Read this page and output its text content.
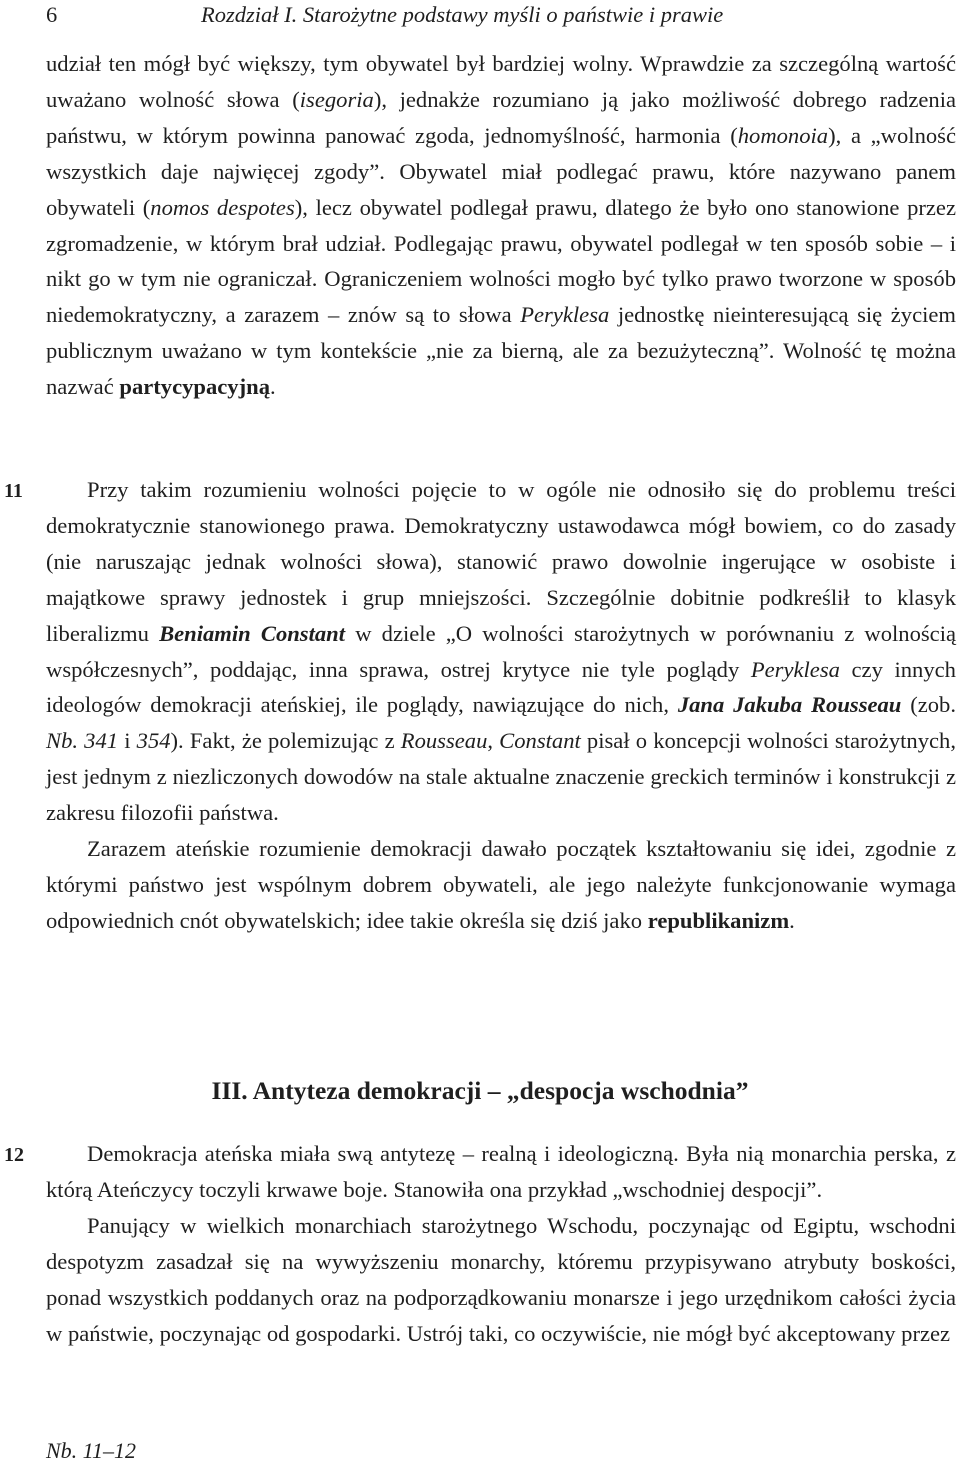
6	Rozdział I. Starożytne podstawy myśli o państwie i prawie

udział ten mógł być większy, tym obywatel był bardziej wolny. Wprawdzie za szczególną wartość uważano wolność słowa (isegoria), jednakże rozumiano ją jako możliwość dobrego radzenia państwu, w którym powinna panować zgoda, jednomyślność, harmonia (homonoia), a „wolność wszystkich daje najwięcej zgody”. Obywatel miał podlegać prawu, które nazywano panem obywateli (nomos despotes), lecz obywatel podlegał prawu, dlatego że było ono stanowione przez zgromadzenie, w którym brał udział. Podlegając prawu, obywatel podlegał w ten sposób sobie – i nikt go w tym nie ograniczał. Ograniczeniem wolności mogło być tylko prawo tworzone w sposób niedemokratyczny, a zarazem – znów są to słowa Peryklesa jednostkę nieinteresującą się życiem publicznym uważano w tym kontekście „nie za bierną, ale za bezużyteczną”. Wolność tę można nazwać partycypacyjną.

11	Przy takim rozumieniu wolności pojęcie to w ogóle nie odnosiło się do problemu treści demokratycznie stanowionego prawa. Demokratyczny ustawodawca mógł bowiem, co do zasady (nie naruszając jednak wolności słowa), stanowić prawo dowolnie ingerujące w osobiste i majątkowe sprawy jednostek i grup mniejszości. Szczególnie dobitnie podkreślił to klasyk liberalizmu Beniamin Constant w dziele „O wolności starożytnych w porównaniu z wolnością współczesnych”, poddając, inna sprawa, ostrej krytyce nie tyle poglądy Peryklesa czy innych ideologów demokracji ateńskiej, ile poglądy, nawiązujące do nich, Jana Jakuba Rousseau (zob. Nb. 341 i 354). Fakt, że polemizując z Rousseau, Constant pisał o koncepcji wolności starożytnych, jest jednym z niezliczonych dowodów na stale aktualne znaczenie greckich terminów i konstrukcji z zakresu filozofii państwa.

Zarazem ateńskie rozumienie demokracji dawało początek kształtowaniu się idei, zgodnie z którymi państwo jest wspólnym dobrem obywateli, ale jego należyte funkcjonowanie wymaga odpowiednich cnót obywatelskich; idee takie określa się dziś jako republikanizm.

III. Antyteza demokracji – „despocja wschodnia”
12	Demokracja ateńska miała swą antytezę – realną i ideologiczną. Była nią monarchia perska, z którą Ateńczycy toczyli krwawe boje. Stanowiła ona przykład „wschodniej despocji”.

Panujący w wielkich monarchiach starożytnego Wschodu, poczynając od Egiptu, wschodni despotyzm zasadzał się na wywyższeniu monarchy, któremu przypisywano atrybuty boskości, ponad wszystkich poddanych oraz na podporządkowaniu monarsze i jego urzędnikom całości życia w państwie, poczynając od gospodarki. Ustrój taki, co oczywiście, nie mógł być akceptowany przez

Nb. 11–12
